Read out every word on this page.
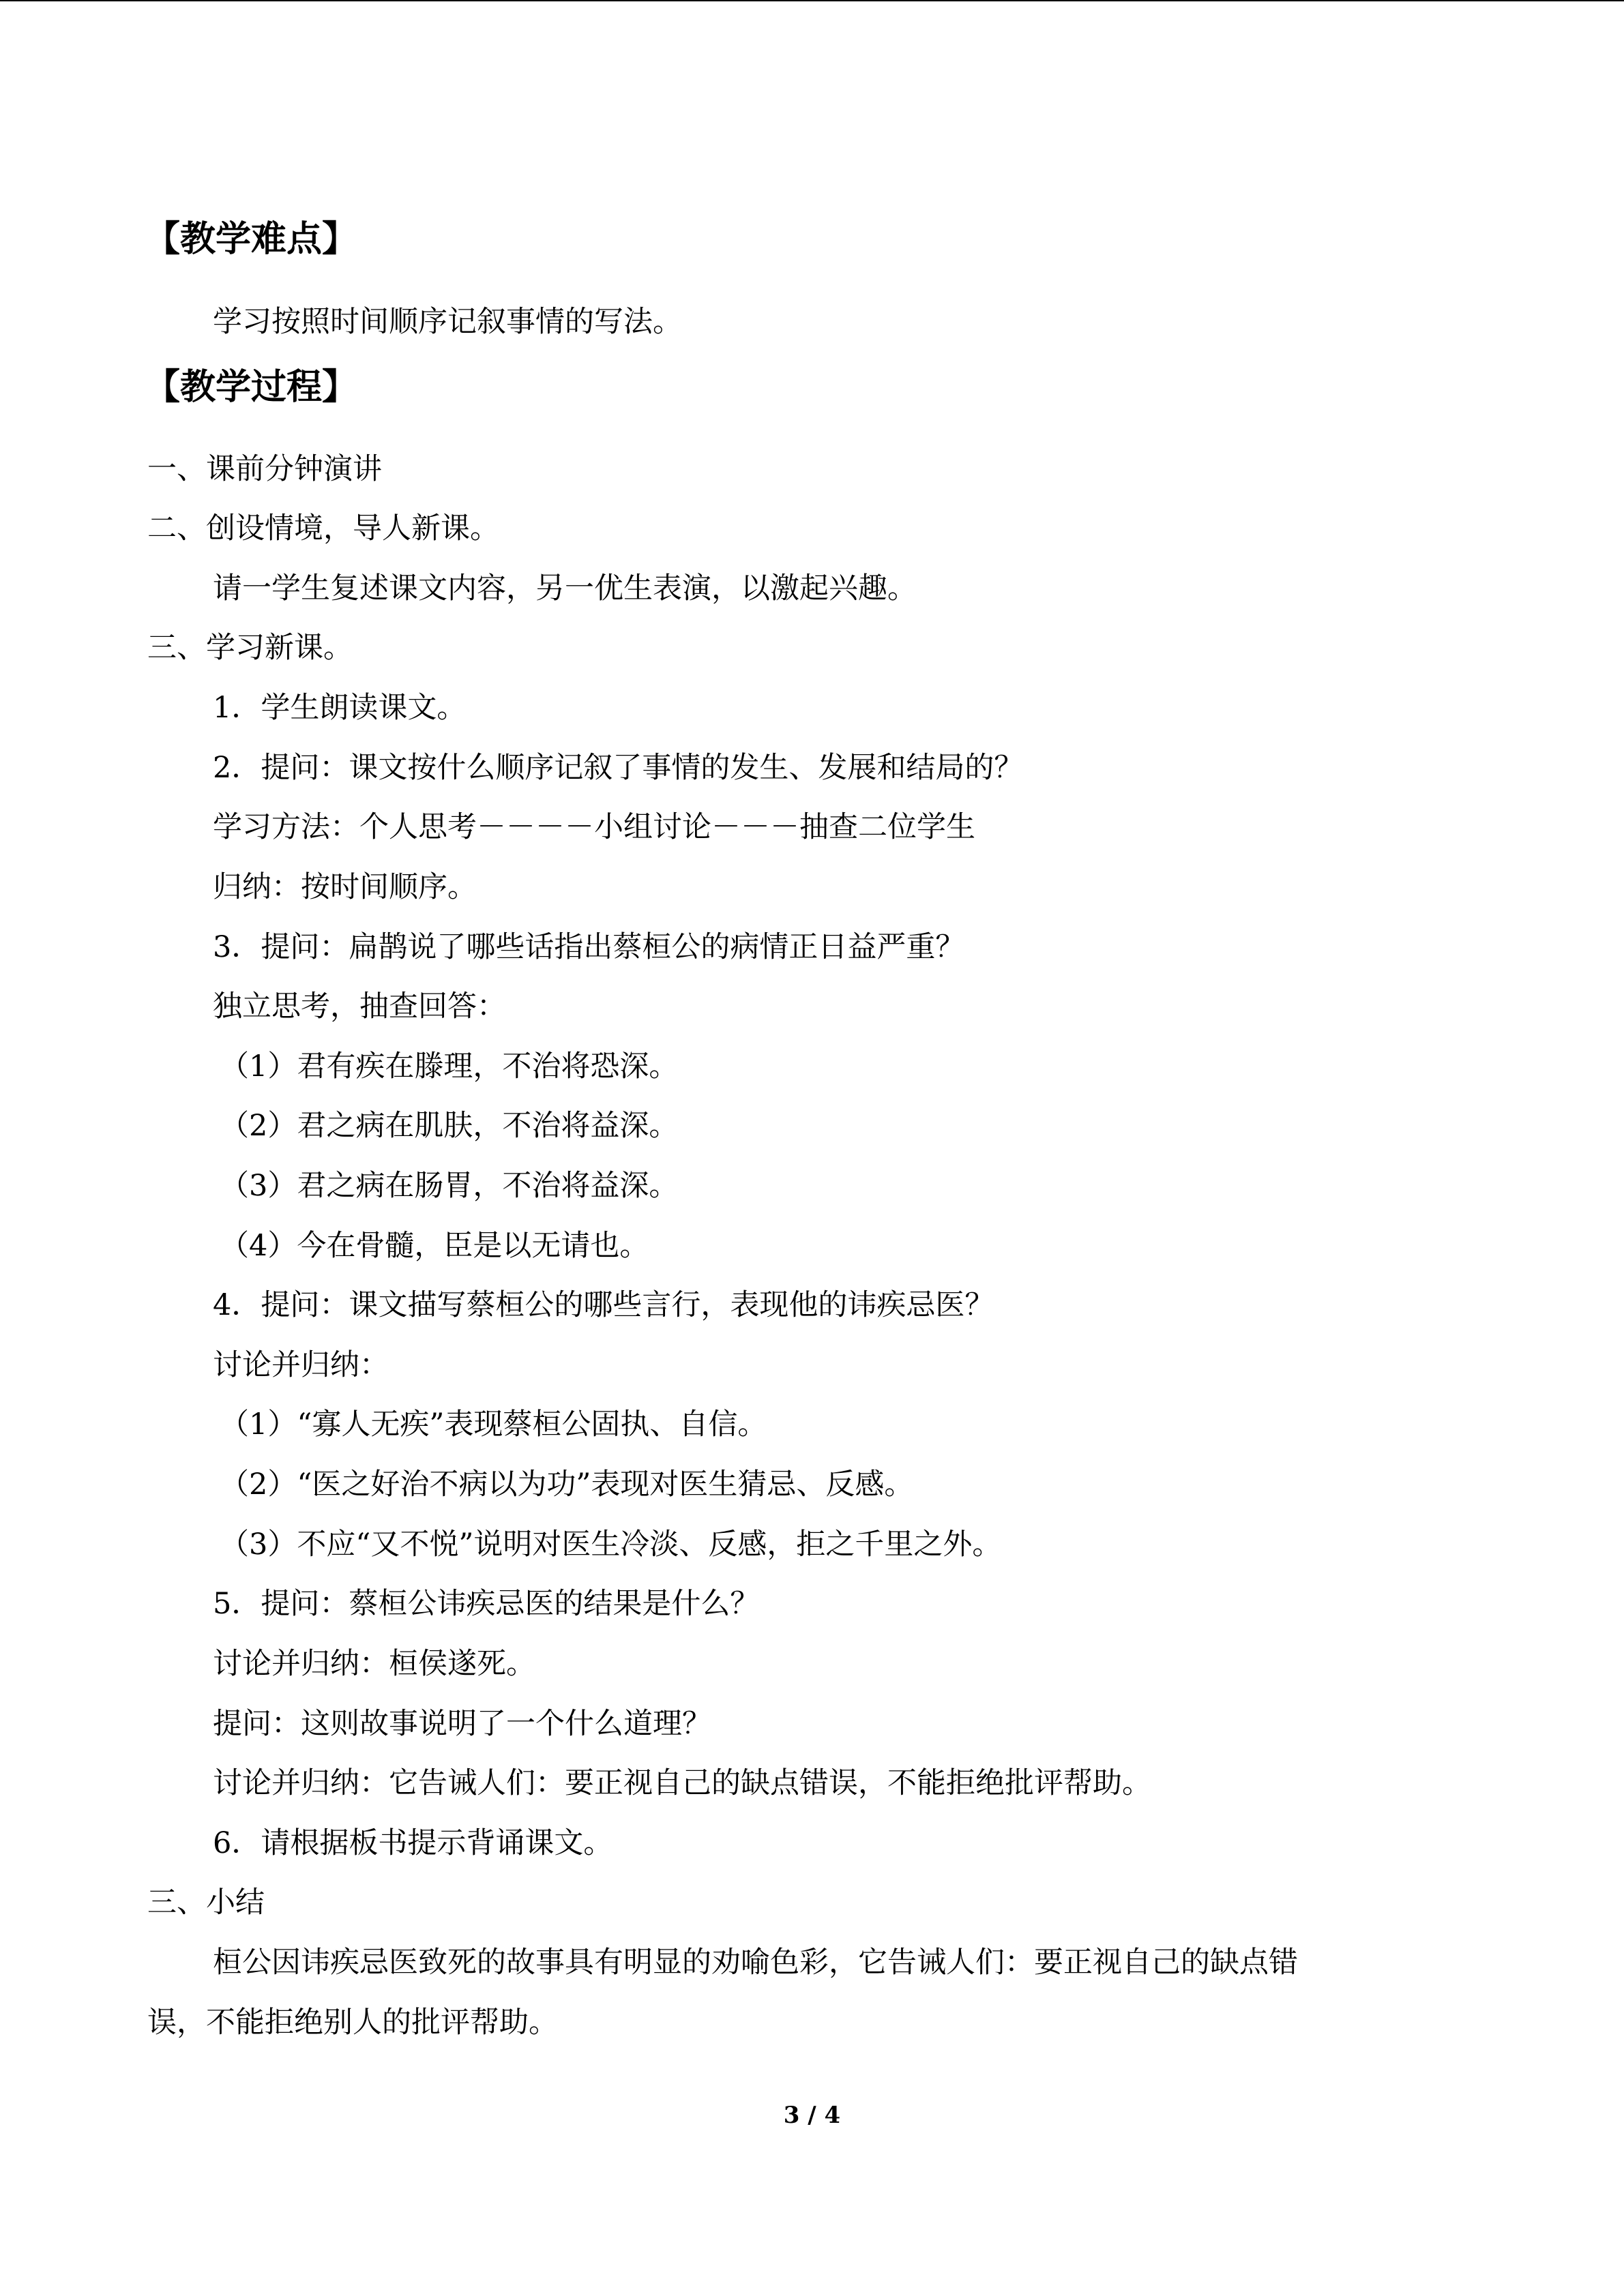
【教学难点】
学习按照时间顺序记叙事情的写法。
【教学过程】
一、课前分钟演讲
二、创设情境，导人新课。
请一学生复述课文内容，另一优生表演，以激起兴趣。
三、学习新课。
1．学生朗读课文。
2．提问：课文按什么顺序记叙了事情的发生、发展和结局的？
学习方法：个人思考－－－－小组讨论－－－抽查二位学生
归纳：按时间顺序。
3．提问：扁鹊说了哪些话指出蔡桓公的病情正日益严重？
独立思考，抽查回答：
（1）君有疾在滕理，不治将恐深。
（2）君之病在肌肤，不治将益深。
（3）君之病在肠胃，不治将益深。
（4）今在骨髓，臣是以无请也。
4．提问：课文描写蔡桓公的哪些言行，表现他的讳疾忌医？
讨论并归纳：
（1）“寡人无疾”表现蔡桓公固执、自信。
（2）“医之好治不病以为功”表现对医生猜忌、反感。
（3）不应“又不悦”说明对医生冷淡、反感，拒之千里之外。
5．提问：蔡桓公讳疾忌医的结果是什么？
讨论并归纳：桓侯遂死。
提问：这则故事说明了一个什么道理？
讨论并归纳：它告诫人们：要正视自己的缺点错误，不能拒绝批评帮助。
6．请根据板书提示背诵课文。
三、小结
桓公因讳疾忌医致死的故事具有明显的劝喻色彩，它告诫人们：要正视自己的缺点错
误，不能拒绝别人的批评帮助。
3 / 4
